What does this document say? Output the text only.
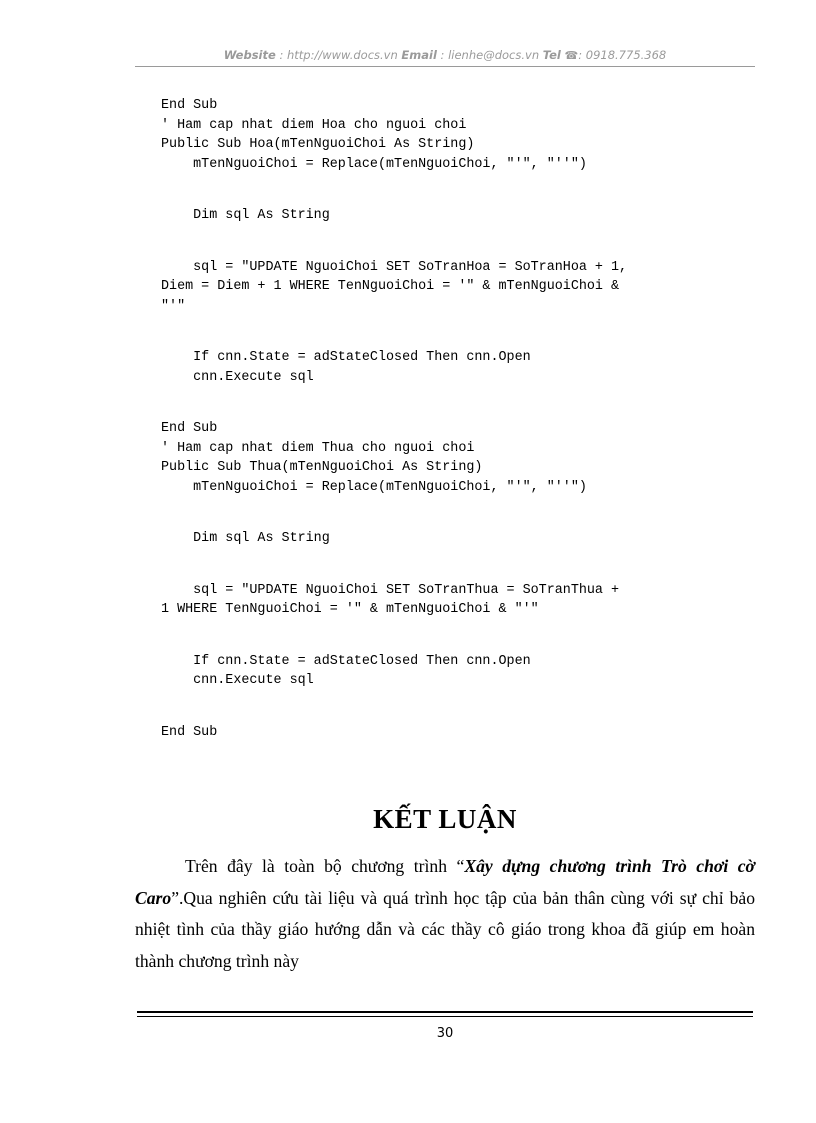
Website : http://www.docs.vn Email : lienhe@docs.vn Tel ☎: 0918.775.368
End Sub
' Ham cap nhat diem Hoa cho nguoi choi
Public Sub Hoa(mTenNguoiChoi As String)
mTenNguoiChoi = Replace(mTenNguoiChoi, "'", "''")
Dim sql As String
sql = "UPDATE NguoiChoi SET SoTranHoa = SoTranHoa + 1,
Diem = Diem + 1 WHERE TenNguoiChoi = '" & mTenNguoiChoi &
"'"
If cnn.State = adStateClosed Then cnn.Open
cnn.Execute sql
End Sub
' Ham cap nhat diem Thua cho nguoi choi
Public Sub Thua(mTenNguoiChoi As String)
mTenNguoiChoi = Replace(mTenNguoiChoi, "'", "''")
Dim sql As String
sql = "UPDATE NguoiChoi SET SoTranThua = SoTranThua +
1 WHERE TenNguoiChoi = '" & mTenNguoiChoi & "'"
If cnn.State = adStateClosed Then cnn.Open
cnn.Execute sql
End Sub
KẾT LUẬN
Trên đây là toàn bộ chương trình “Xây dựng chương trình Trò chơi cờ Caro”.Qua nghiên cứu tài liệu và quá trình học tập của bản thân cùng với sự chỉ bảo nhiệt tình của thầy giáo hướng dẫn và các thầy cô giáo trong khoa đã giúp em hoàn thành chương trình này
30
